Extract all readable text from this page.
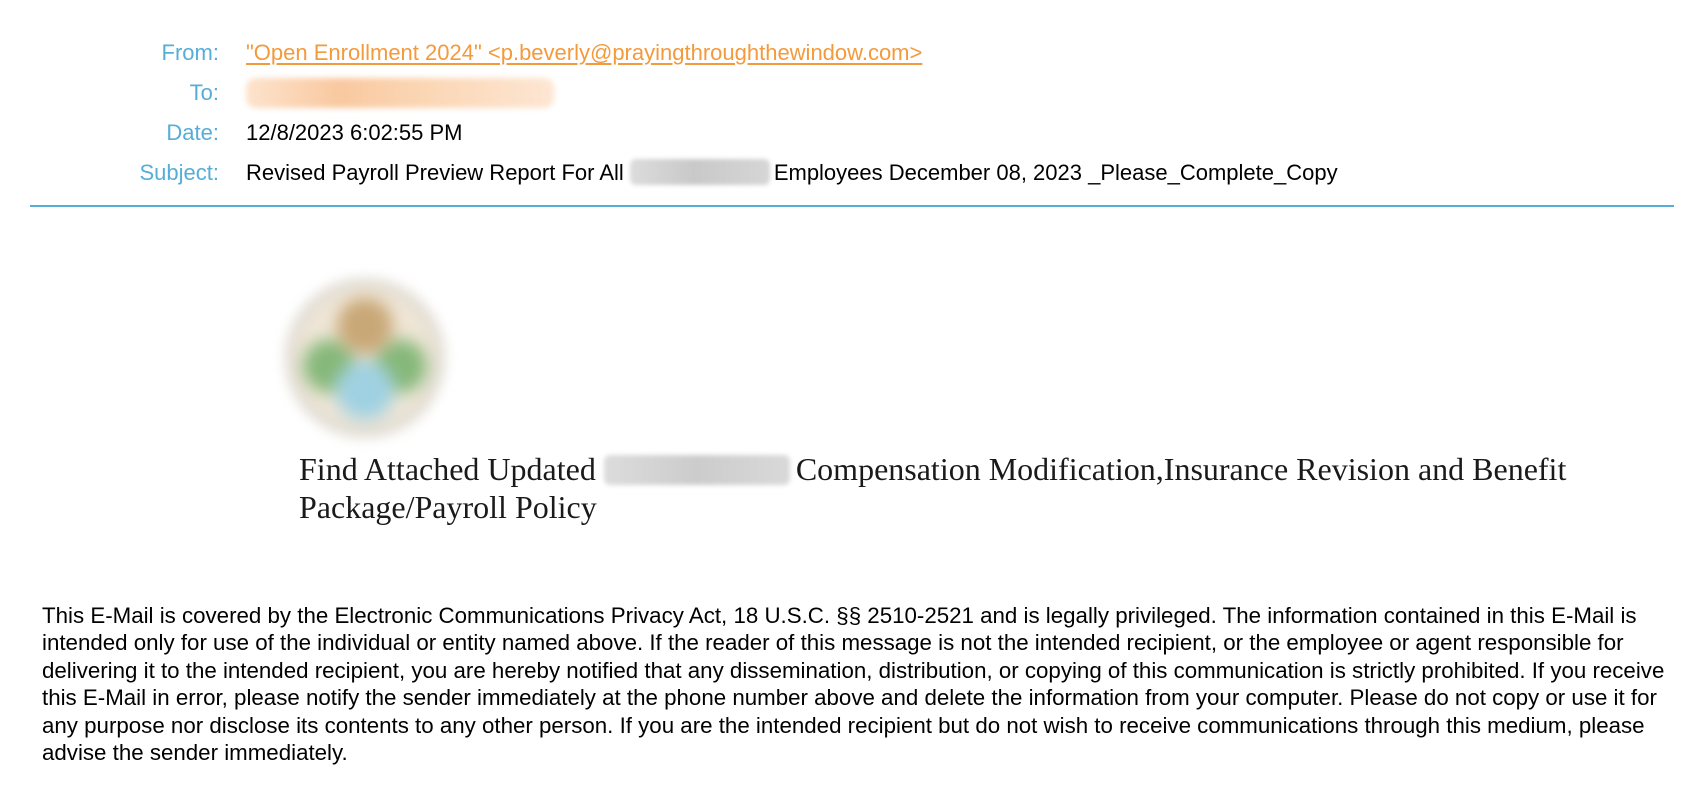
From: "Open Enrollment 2024" <p.beverly@prayingthroughthewindow.com>
To:
Date: 12/8/2023 6:02:55 PM
Subject: Revised Payroll Preview Report For All	Employees December 08, 2023 _Please_Complete_Copy
Find Attached Updated	Compensation Modification,Insurance Revision and Benefit Package/Payroll Policy
This E-Mail is covered by the Electronic Communications Privacy Act, 18 U.S.C. §§ 2510-2521 and is legally privileged. The information contained in this E-Mail is intended only for use of the individual or entity named above. If the reader of this message is not the intended recipient, or the employee or agent responsible for delivering it to the intended recipient, you are hereby notified that any dissemination, distribution, or copying of this communication is strictly prohibited. If you receive this E-Mail in error, please notify the sender immediately at the phone number above and delete the information from your computer. Please do not copy or use it for any purpose nor disclose its contents to any other person. If you are the intended recipient but do not wish to receive communications through this medium, please advise the sender immediately.
